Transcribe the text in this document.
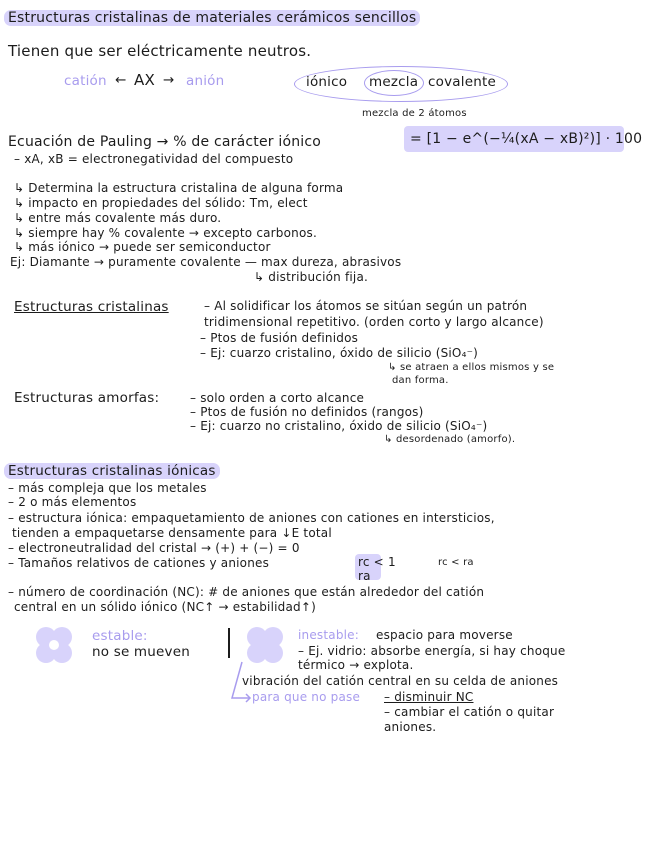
Estructuras cristalinas de materiales cerámicos sencillos
Tienen que ser eléctricamente neutros.
catión ← AX → anión	iónico mezcla covalente
mezcla de 2 átomos
Ecuación de Pauling → % de carácter iónico	= [1 − e^(−¼(xA − xB)²)] · 100
– xA, xB = electronegatividad del compuesto
↳ Determina la estructura cristalina de alguna forma
↳ impacto en propiedades del sólido: Tm, elect
↳ entre más covalente más duro.
↳ siempre hay % covalente → excepto carbonos.
↳ más iónico → puede ser semiconductor
Ej: Diamante → puramente covalente — max dureza, abrasivos
↳ distribución fija.
Estructuras cristalinas	– Al solidificar los átomos se sitúan según un patrón
tridimensional repetitivo. (orden corto y largo alcance)
– Ptos de fusión definidos
– Ej: cuarzo cristalino, óxido de silicio (SiO₄⁻)
↳ se atraen a ellos mismos y se
dan forma.
Estructuras amorfas:	– solo orden a corto alcance
– Ptos de fusión no definidos (rangos)
– Ej: cuarzo no cristalino, óxido de silicio (SiO₄⁻)
↳ desordenado (amorfo).
Estructuras cristalinas iónicas
– más compleja que los metales
– 2 o más elementos
– estructura iónica: empaquetamiento de aniones con cationes en intersticios,
tienden a empaquetarse densamente para ↓E total
– electroneutralidad del cristal → (+) + (−) = 0
– Tamaños relativos de cationes y aniones	rc < 1
ra
rc < ra
– número de coordinación (NC): # de aniones que están alrededor del catión
central en un sólido iónico (NC↑ → estabilidad↑)
estable:
no se mueven
inestable: espacio para moverse
– Ej. vidrio: absorbe energía, si hay choque
térmico → explota.
vibración del catión central en su celda de aniones
para que no pase – disminuir NC
– cambiar el catión o quitar
aniones.
